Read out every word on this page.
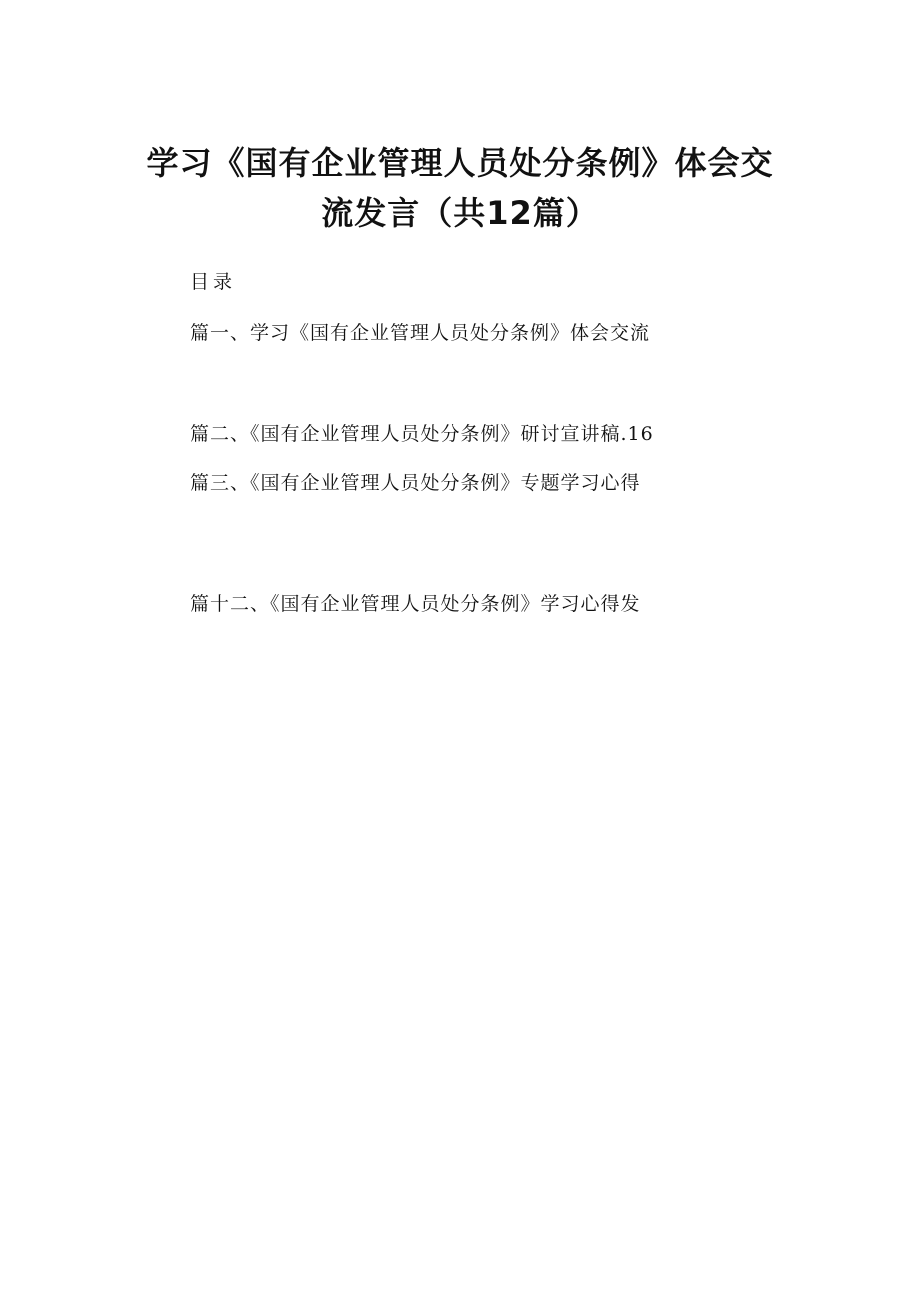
学习《国有企业管理人员处分条例》体会交
流发言（共12篇）
目录
篇一、学习《国有企业管理人员处分条例》体会交流
篇二、《国有企业管理人员处分条例》研讨宣讲稿.16
篇三、《国有企业管理人员处分条例》专题学习心得
篇十二、《国有企业管理人员处分条例》学习心得发
